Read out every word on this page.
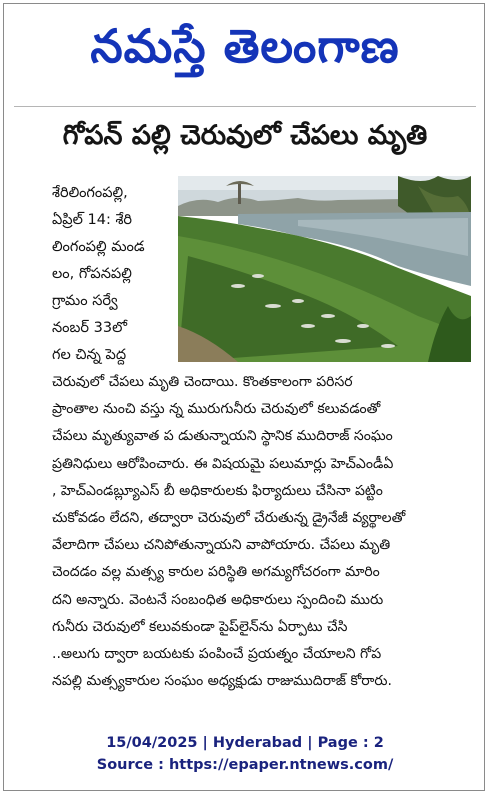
నమస్తే తెలంగాణ
గోపన్ పల్లి చెరువులో చేపలు మృతి
శేరిలింగంపల్లి,
ఏప్రిల్ 14: శేరి
లింగంపల్లి మండ
లం, గోపనపల్లి
గ్రామం సర్వే
నంబర్ 33లో
గల చిన్న పెద్ద
చెరువులో చేపలు మృతి చెందాయి. కొంతకాలంగా పరిసర
ప్రాంతాల నుంచి వస్తు న్న మురుగునీరు చెరువులో కలువడంతో
చేపలు మృత్యువాత ప డుతున్నాయని స్థానిక ముదిరాజ్ సంఘం
ప్రతినిధులు ఆరోపించారు. ఈ విషయమై పలుమార్లు హెచ్ఎండీఏ
, హెచ్ఎండబ్ల్యూఎస్ బీ అధికారులకు ఫిర్యాదులు చేసినా పట్టిం
చుకోవడం లేదని, తద్వారా చెరువులో చేరుతున్న డ్రైనేజీ వ్యర్థాలతో
వేలాదిగా చేపలు చనిపోతున్నాయని వాపోయారు. చేపలు మృతి
చెందడం వల్ల మత్స్య కారుల పరిస్థితి అగమ్యగోచరంగా మారిం
దని అన్నారు. వెంటనే సంబంధిత అధికారులు స్పందించి మురు
గునీరు చెరువులో కలువకుండా పైప్‌లైన్‌ను ఏర్పాటు చేసి
..అలుగు ద్వారా బయటకు పంపించే ప్రయత్నం చేయాలని గోప
నపల్లి మత్స్యకారుల సంఘం అధ్యక్షుడు రాజుముదిరాజ్ కోరారు.
15/04/2025 | Hyderabad | Page : 2
Source : https://epaper.ntnews.com/
